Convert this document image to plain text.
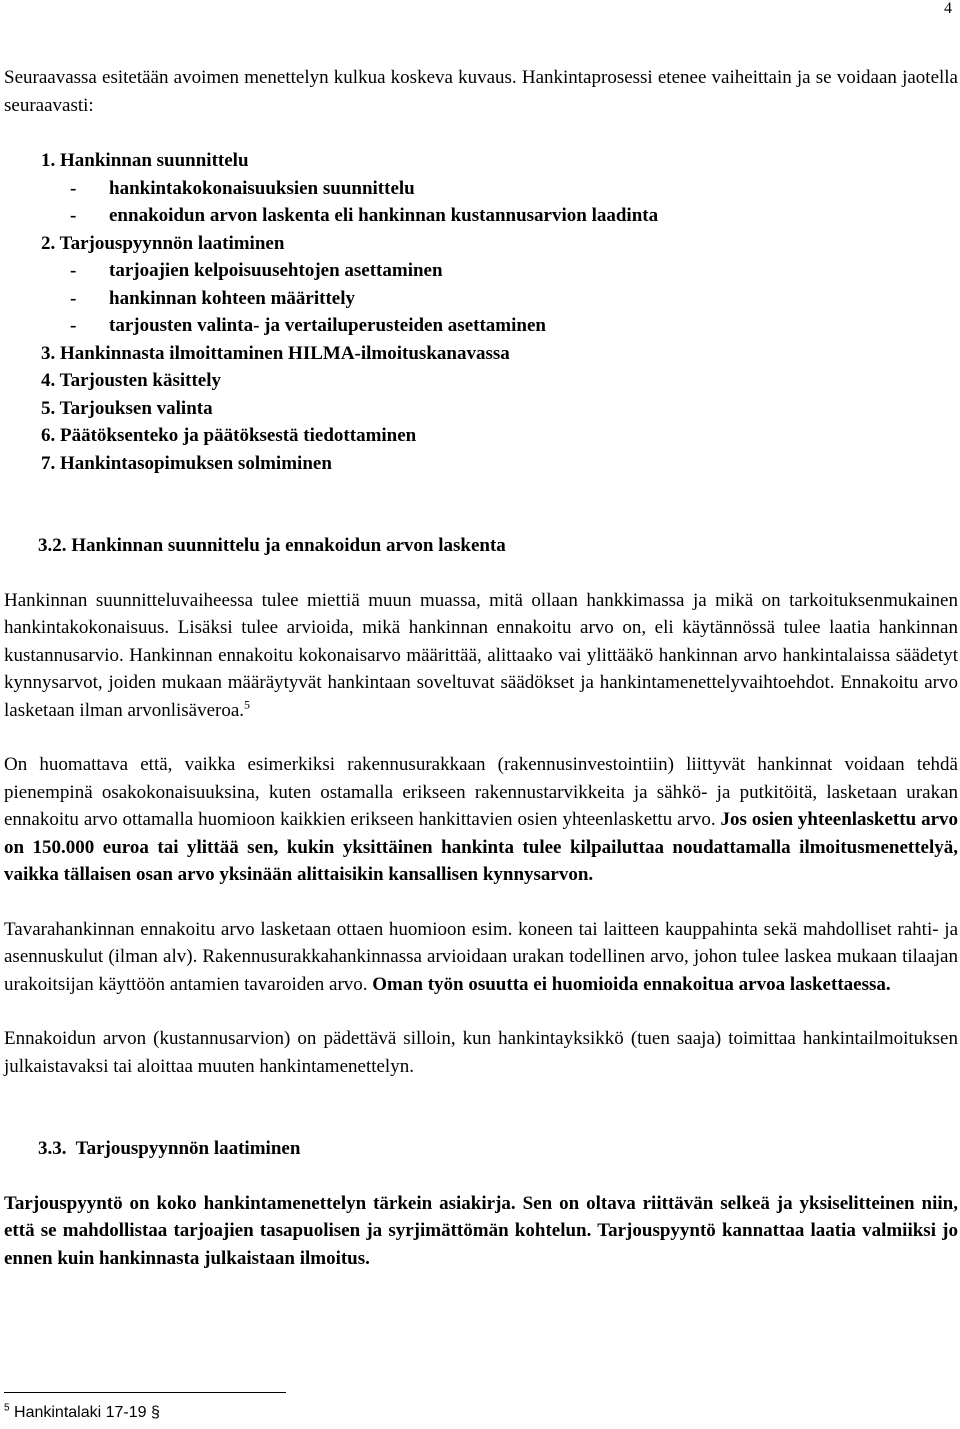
4

Seuraavassa esitetään avoimen menettelyn kulkua koskeva kuvaus. Hankintaprosessi etenee vaiheittain ja se voidaan jaotella seuraavasti:

1. Hankinnan suunnittelu
- hankintakokonaisuuksien suunnittelu
- ennakoidun arvon laskenta eli hankinnan kustannusarvion laadinta
2. Tarjouspyynnön laatiminen
- tarjoajien kelpoisuusehtojen asettaminen
- hankinnan kohteen määrittely
- tarjousten valinta- ja vertailuperusteiden asettaminen
3. Hankinnasta ilmoittaminen HILMA-ilmoituskanavassa
4. Tarjousten käsittely
5. Tarjouksen valinta
6. Päätöksenteko ja päätöksestä tiedottaminen
7. Hankintasopimuksen solmiminen
3.2. Hankinnan suunnittelu ja ennakoidun arvon laskenta

Hankinnan suunnitteluvaiheessa tulee miettiä muun muassa, mitä ollaan hankkimassa ja mikä on tarkoituksenmukainen hankintakokonaisuus. Lisäksi tulee arvioida, mikä hankinnan ennakoitu arvo on, eli käytännössä tulee laatia hankinnan kustannusarvio. Hankinnan ennakoitu kokonaisarvo määrittää, alittaako vai ylittääkö hankinnan arvo hankintalaissa säädetyt kynnysarvot, joiden mukaan määräytyvät hankintaan soveltuvat säädökset ja hankintamenettelyvaihtoehdot. Ennakoitu arvo lasketaan ilman arvonlisäveroa.$^5$

On huomattava että, vaikka esimerkiksi rakennusurakkaan (rakennusinvestointiin) liittyvät hankinnat voidaan tehdä pienempinä osakokonaisuuksina, kuten ostamalla erikseen rakennustarvikkeita ja sähkö- ja putkitöitä, lasketaan urakan ennakoitu arvo ottamalla huomioon kaikkien erikseen hankittavien osien yhteenlaskettu arvo. Jos osien yhteenlaskettu arvo on 150.000 euroa tai ylittää sen, kukin yksittäinen hankinta tulee kilpailuttaa noudattamalla ilmoitusmenettelyä, vaikka tällaisen osan arvo yksinään alittaisikin kansallisen kynnysarvon.

Tavarahankinnan ennakoitu arvo lasketaan ottaen huomioon esim. koneen tai laitteen kauppahinta sekä mahdolliset rahti- ja asennuskulut (ilman alv). Rakennusurakkahankinnassa arvioidaan urakan todellinen arvo, johon tulee laskea mukaan tilaajan urakoitsijan käyttöön antamien tavaroiden arvo. Oman työn osuutta ei huomioida ennakoitua arvoa laskettaessa.

Ennakoidun arvon (kustannusarvion) on pädettävä silloin, kun hankintayksikkö (tuen saaja) toimittaa hankintailmoituksen julkaistavaksi tai aloittaa muuten hankintamenettelyn.

3.3.  Tarjouspyynnön laatiminen

Tarjouspyyntö on koko hankintamenettelyn tärkein asiakirja. Sen on oltava riittävän selkeä ja yksiselitteinen niin, että se mahdollistaa tarjoajien tasapuolisen ja syrjimättömän kohtelun. Tarjouspyyntö kannattaa laatia valmiiksi jo ennen kuin hankinnasta julkaistaan ilmoitus.

$^5$ Hankintalaki 17-19 §
